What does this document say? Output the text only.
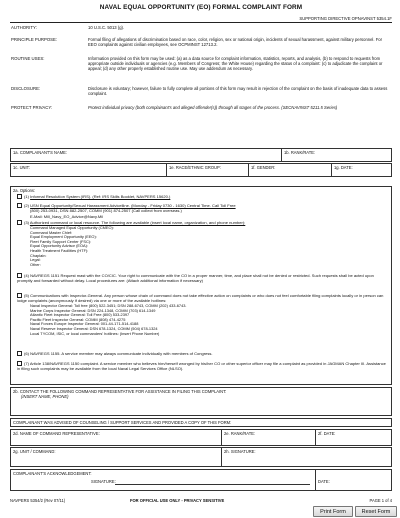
NAVAL EQUAL OPPORTUNITY (EO) FORMAL COMPLAINT FORM
SUPPORTING DIRECTIVE OPNAVINST 5354.1F
AUTHORITY:	10 U.S.C. 5013 (g).
PRINCIPLE PURPOSE:	Formal filing of allegations of discrimination based on race, color, religion, sex or national origin, incidents of sexual harassment, against military personnel. For EEO complaints against civilian employees, see OCPMINST 12713.2.
ROUTINE USES:	Information provided on this form may be used: (a) as a data source for complaint information, statistics, reports, and analysis, (b) to respond to requests from appropriate outside individuals or agencies (e.g. Members of Congress; the White House) regarding the status of a complaint: (c) to adjudicate the complaint or appeal; (d) any other properly established routine use. May use addendum as necessary.
DISCLOSURE:	Disclosure is voluntary; however, failure to fully complete all portions of this form may result in rejection of the complaint on the basis of inadequate data to assess complaint.
PROTECT PRIVACY:	Protect individual privacy (both complainant's and alleged offender(s)) through all stages of the process. (SECNAVINST 5211.5 Series)
1a. COMPLAINANT'S NAME:	1b. RANK/RATE:
1c. UNIT:	1e. RACE/ETHNIC GROUP:	1f. GENDER:	1g. DATE:
2a. Options:
(1) Informal Resolution System (IRS). (Ref: IRS Skills Booklet, NAVPERS 15620.)
(2) USN Equal Opportunity/Sexual Harassment Advicelline. (Monday - Friday 0730 - 1630) Central Time. Call Toll Free
(800) 253-0931, DSN 882-2507, COMM (901) 874-2507 (Call collect from overseas.)
E-Mail: Mill_Navy_EO_Advice@Navy.Mil
(3) Authorized command or local resource. The following are available (insert local name, organization, and phone number):
Command Managed Equal Opportunity (CMEO):
Command Master Chief:
Equal Employment Opportunity (EEO):
Fleet Family Support Center (FSC):
Equal Opportunity Advisor (EOA):
Health Treatment Facilities (HTF):
Chaplain:
Legal:
Other:
(4) NAVREGS 1151 Request mast with the CO/CIC. Your right to communicate with the CO in a proper manner, time, and place shall not be denied or restricted. Such requests shall be acted upon promptly and forwarded without delay. Local procedures are: (Attach additional information if necessary)
(5) Communications with Inspector-General. Any person whose chain of command does not take effective action on complaints or who does not feel comfortable filing complaints locally or in person can lodge complaints (anonymously if desired) via one or more of the available hotlines:
Naval Inspector General: Toll free (800) 522-3451; DSN 288-6743, COMM (202) 433-6743.
Marine Corps Inspector General: DSN 224-1348, COMM (703) 614-1349
Atlantic Fleet Inspector General: Toll Free (800) 533-2397
Pacific Fleet Inspector General: COMM (808) 474-4275
Naval Forces Europe Inspector General: 001-44-171-514-4188
Naval Reserve Inspector General: DSN 678-1324, COMM (504) 678-1324
Local TYCOM, ISIC, or local commanders' hotlines: (Insert Phone Number)
(6) NAVREGS 1155. A service member may always communicate individually with members of Congress.
(7) Article 138/NAVREGS 1150 complaint. A service member who believes him/herself wronged by his/her CO or other superior officer may file a complaint as provided in JAGMAN Chapter III. Assistance in filing such complaints may be available from the local Naval Legal Services Office (NLSO).
2b. CONTACT THE FOLLOWING COMMAND REPRESENTATIVE FOR ASSISTANCE IN FILING THIS COMPLAINT:
(INSERT NAME, PHONE)
COMPLAINANT WAS ADVISED OF COUNSELING / SUPPORT SERVICES AND PROVIDED A COPY OF THIS FORM:
2d. NAME OF COMMAND REPRESENTATIVE:	2e. RANK/RATE:	2f. DATE:
2g. UNIT / COMMAND:	2h. SIGNATURE:
COMPLAINANT'S ACKNOWLEDGEMENT:
SIGNATURE:	DATE:
NAVPERS 5354/2 (Rev 07/11)	FOR OFFICIAL USE ONLY - PRIVACY SENSITIVE	PAGE 1 of 4
Print Form	Reset Form
